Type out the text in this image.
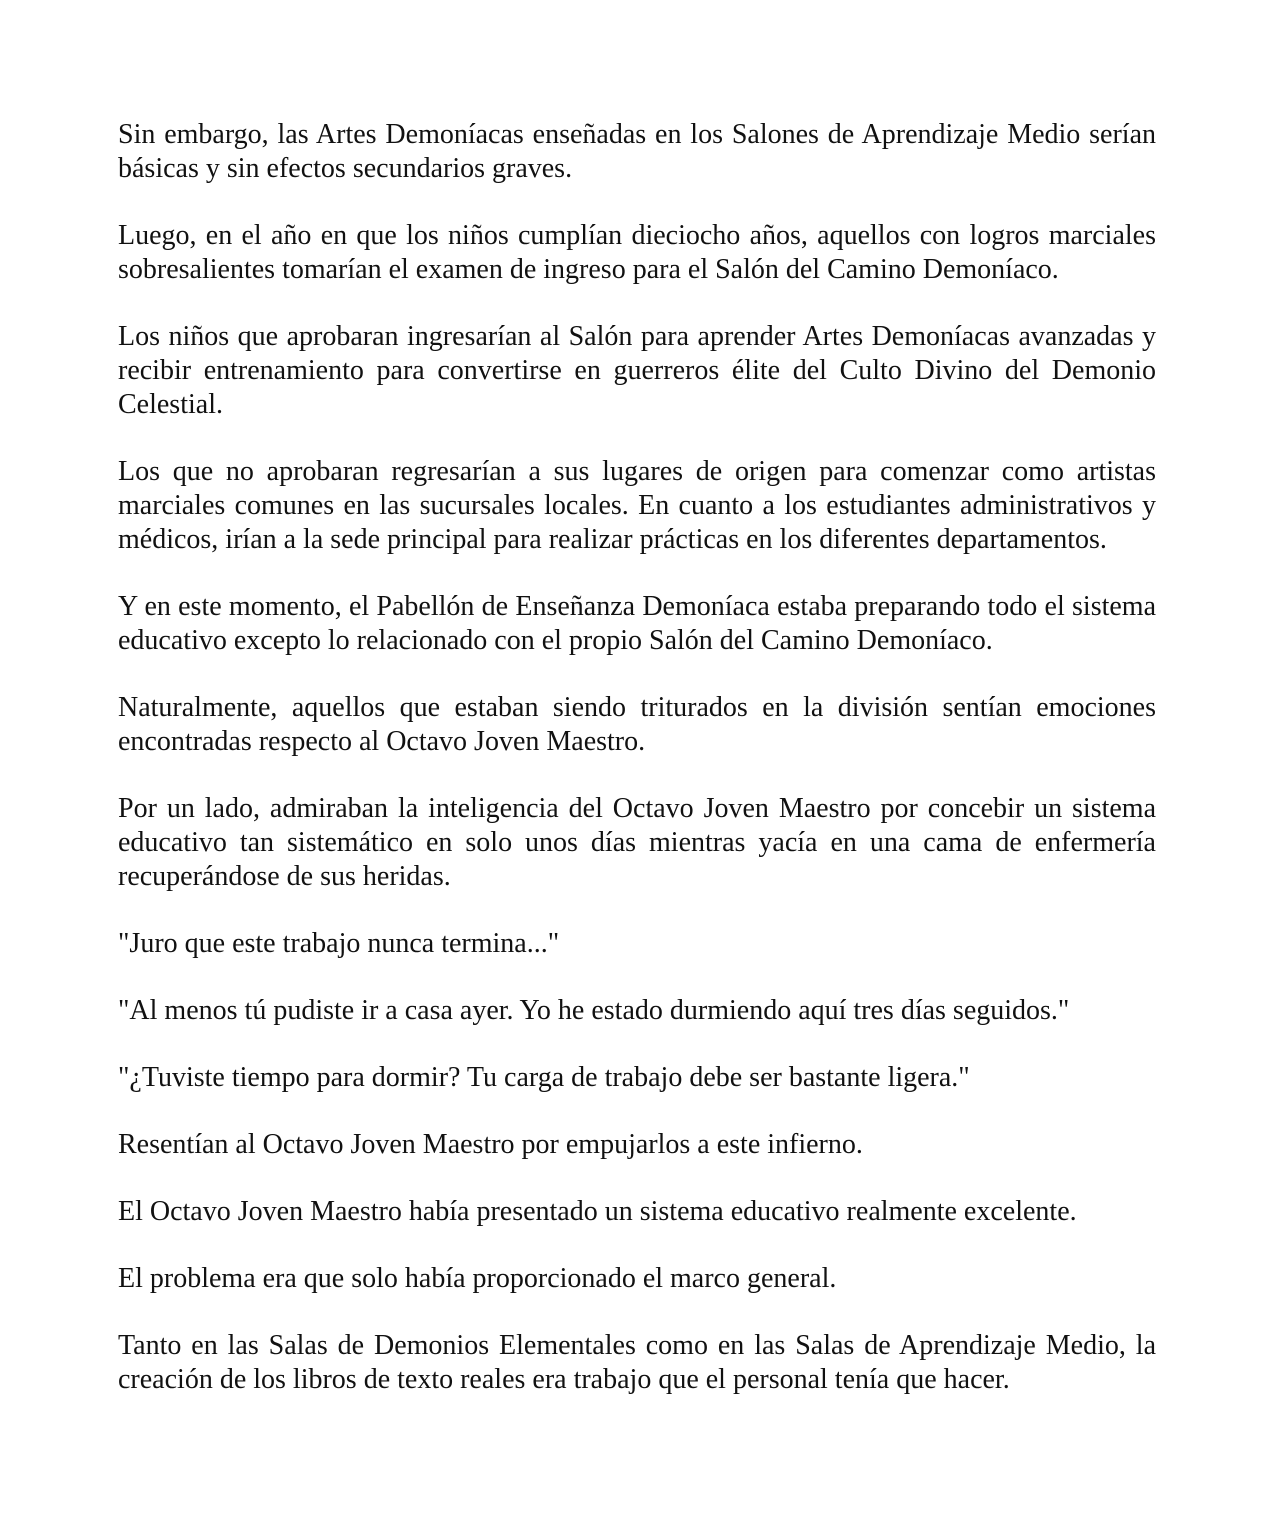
Sin embargo, las Artes Demoníacas enseñadas en los Salones de Aprendizaje Medio serían básicas y sin efectos secundarios graves.

Luego, en el año en que los niños cumplían dieciocho años, aquellos con logros marciales sobresalientes tomarían el examen de ingreso para el Salón del Camino Demoníaco.

Los niños que aprobaran ingresarían al Salón para aprender Artes Demoníacas avanzadas y recibir entrenamiento para convertirse en guerreros élite del Culto Divino del Demonio Celestial.

Los que no aprobaran regresarían a sus lugares de origen para comenzar como artistas marciales comunes en las sucursales locales. En cuanto a los estudiantes administrativos y médicos, irían a la sede principal para realizar prácticas en los diferentes departamentos.

Y en este momento, el Pabellón de Enseñanza Demoníaca estaba preparando todo el sistema educativo excepto lo relacionado con el propio Salón del Camino Demoníaco.

Naturalmente, aquellos que estaban siendo triturados en la división sentían emociones encontradas respecto al Octavo Joven Maestro.

Por un lado, admiraban la inteligencia del Octavo Joven Maestro por concebir un sistema educativo tan sistemático en solo unos días mientras yacía en una cama de enfermería recuperándose de sus heridas.

"Juro que este trabajo nunca termina..."

"Al menos tú pudiste ir a casa ayer. Yo he estado durmiendo aquí tres días seguidos."

"¿Tuviste tiempo para dormir? Tu carga de trabajo debe ser bastante ligera."

Resentían al Octavo Joven Maestro por empujarlos a este infierno.

El Octavo Joven Maestro había presentado un sistema educativo realmente excelente.

El problema era que solo había proporcionado el marco general.

Tanto en las Salas de Demonios Elementales como en las Salas de Aprendizaje Medio, la creación de los libros de texto reales era trabajo que el personal tenía que hacer.
